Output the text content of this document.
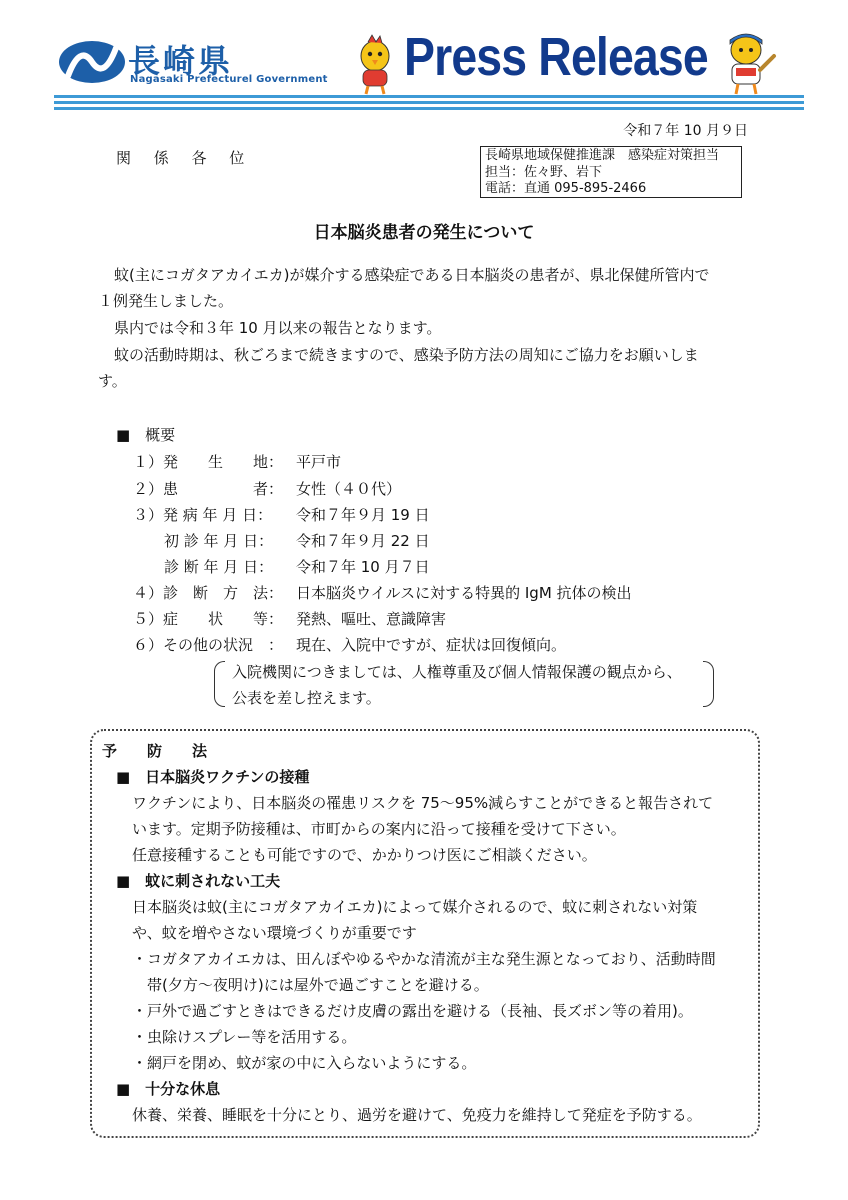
長崎県
Nagasaki Prefecturel Government Press Release
令和７年 10 月９日
関 係 各 位	長崎県地域保健推進課　感染症対策担当
担当：佐々野、岩下
電話：直通 095-895-2466
日本脳炎患者の発生について
蚊(主にコガタアカイエカ)が媒介する感染症である日本脳炎の患者が、県北保健所管内で
１例発生しました。
県内では令和３年 10 月以来の報告となります。
蚊の活動時期は、秋ごろまで続きますので、感染予防方法の周知にご協力をお願いしま
す。
■　概要
１）発　　生　　地： 平戸市
２）患　　　　　者： 女性（４０代）
３）発 病 年 月 日： 令和７年９月 19 日
初 診 年 月 日： 令和７年９月 22 日
診 断 年 月 日： 令和７年 10 月７日
４）診　断　方　法： 日本脳炎ウイルスに対する特異的 IgM 抗体の検出
５）症　　状　　等： 発熱、嘔吐、意識障害
６）その他の状況　： 現在、入院中ですが、症状は回復傾向。
入院機関につきましては、人権尊重及び個人情報保護の観点から、
公表を差し控えます。
予　　防　　法
■　日本脳炎ワクチンの接種
ワクチンにより、日本脳炎の罹患リスクを 75～95%減らすことができると報告されて
います。定期予防接種は、市町からの案内に沿って接種を受けて下さい。
任意接種することも可能ですので、かかりつけ医にご相談ください。
■　蚊に刺されない工夫
日本脳炎は蚊(主にコガタアカイエカ)によって媒介されるので、蚊に刺されない対策
や、蚊を増やさない環境づくりが重要です
・コガタアカイエカは、田んぼやゆるやかな清流が主な発生源となっており、活動時間
帯(夕方～夜明け)には屋外で過ごすことを避ける。
・戸外で過ごすときはできるだけ皮膚の露出を避ける（長袖、長ズボン等の着用)。
・虫除けスプレー等を活用する。
・網戸を閉め、蚊が家の中に入らないようにする。
■　十分な休息
休養、栄養、睡眠を十分にとり、過労を避けて、免疫力を維持して発症を予防する。
